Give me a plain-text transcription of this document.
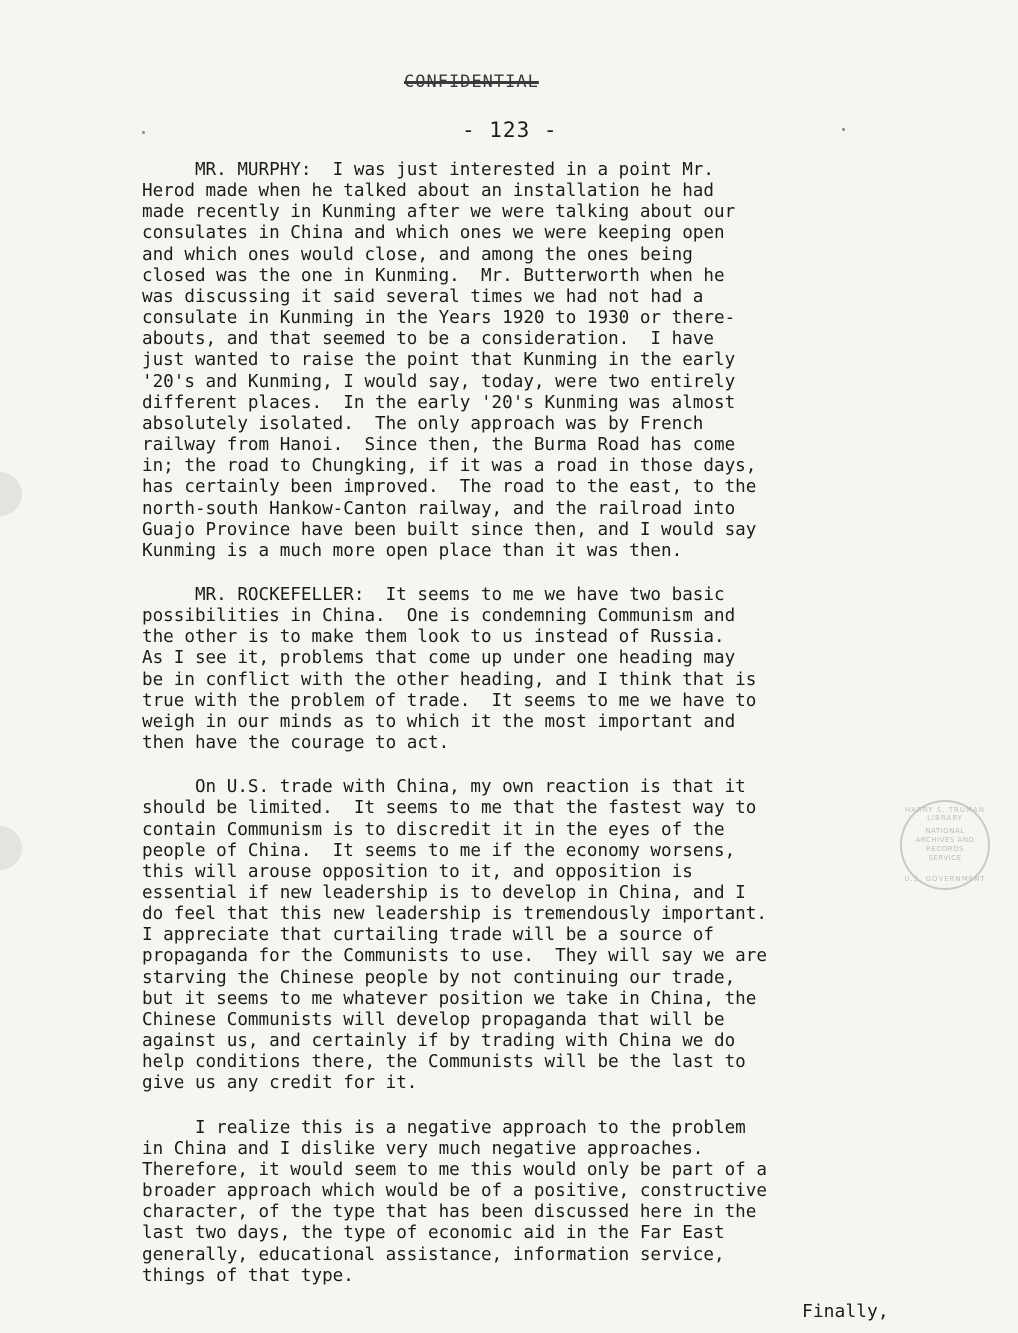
CONFIDENTIAL
- 123 -

MR. MURPHY:  I was just interested in a point Mr.
Herod made when he talked about an installation he had
made recently in Kunming after we were talking about our
consulates in China and which ones we were keeping open
and which ones would close, and among the ones being
closed was the one in Kunming.  Mr. Butterworth when he
was discussing it said several times we had not had a
consulate in Kunming in the Years 1920 to 1930 or there-
abouts, and that seemed to be a consideration.  I have
just wanted to raise the point that Kunming in the early
'20's and Kunming, I would say, today, were two entirely
different places.  In the early '20's Kunming was almost
absolutely isolated.  The only approach was by French
railway from Hanoi.  Since then, the Burma Road has come
in; the road to Chungking, if it was a road in those days,
has certainly been improved.  The road to the east, to the
north-south Hankow-Canton railway, and the railroad into
Guajo Province have been built since then, and I would say
Kunming is a much more open place than it was then.

MR. ROCKEFELLER:  It seems to me we have two basic
possibilities in China.  One is condemning Communism and
the other is to make them look to us instead of Russia.
As I see it, problems that come up under one heading may
be in conflict with the other heading, and I think that is
true with the problem of trade.  It seems to me we have to
weigh in our minds as to which it the most important and
then have the courage to act.

On U.S. trade with China, my own reaction is that it
should be limited.  It seems to me that the fastest way to
contain Communism is to discredit it in the eyes of the
people of China.  It seems to me if the economy worsens,
this will arouse opposition to it, and opposition is
essential if new leadership is to develop in China, and I
do feel that this new leadership is tremendously important.
I appreciate that curtailing trade will be a source of
propaganda for the Communists to use.  They will say we are
starving the Chinese people by not continuing our trade,
but it seems to me whatever position we take in China, the
Chinese Communists will develop propaganda that will be
against us, and certainly if by trading with China we do
help conditions there, the Communists will be the last to
give us any credit for it.

I realize this is a negative approach to the problem
in China and I dislike very much negative approaches.
Therefore, it would seem to me this would only be part of a
broader approach which would be of a positive, constructive
character, of the type that has been discussed here in the
last two days, the type of economic aid in the Far East
generally, educational assistance, information service,
things of that type.

Finally,
HARRY S. TRUMAN LIBRARY
NATIONAL
ARCHIVES AND
RECORDS
SERVICE
U.S. GOVERNMENT
